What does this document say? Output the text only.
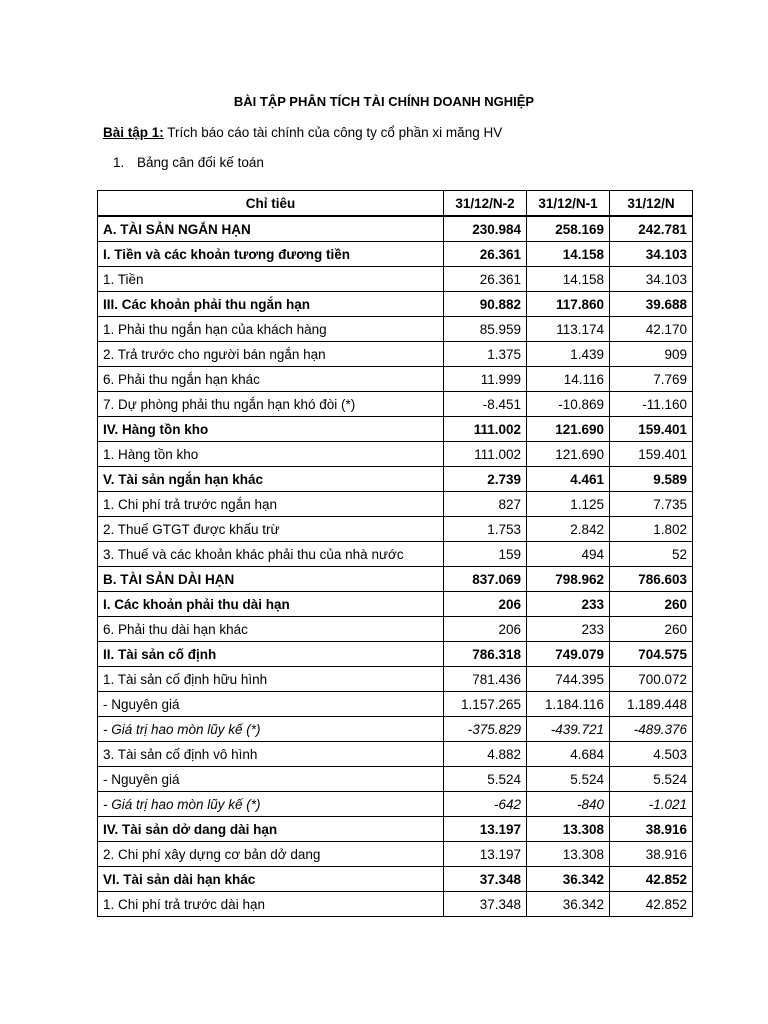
BÀI TẬP PHÂN TÍCH TÀI CHÍNH DOANH NGHIỆP
Bài tập 1: Trích báo cáo tài chính của công ty cổ phần xi măng HV
1. Bảng cân đối kế toán
Chỉ tiêu	31/12/N-2	31/12/N-1	31/12/N
A. TÀI SẢN NGẮN HẠN	230.984	258.169	242.781
I. Tiền và các khoản tương đương tiền	26.361	14.158	34.103
1. Tiền	26.361	14.158	34.103
III. Các khoản phải thu ngắn hạn	90.882	117.860	39.688
1. Phải thu ngắn hạn của khách hàng	85.959	113.174	42.170
2. Trả trước cho người bán ngắn hạn	1.375	1.439	909
6. Phải thu ngắn hạn khác	11.999	14.116	7.769
7. Dự phòng phải thu ngắn hạn khó đòi (*)	-8.451	-10.869	-11.160
IV. Hàng tồn kho	111.002	121.690	159.401
1. Hàng tồn kho	111.002	121.690	159.401
V. Tài sản ngắn hạn khác	2.739	4.461	9.589
1. Chi phí trả trước ngắn hạn	827	1.125	7.735
2. Thuế GTGT được khấu trừ	1.753	2.842	1.802
3. Thuế và các khoản khác phải thu của nhà nước	159	494	52
B. TÀI SẢN DÀI HẠN	837.069	798.962	786.603
I. Các khoản phải thu dài hạn	206	233	260
6. Phải thu dài hạn khác	206	233	260
II. Tài sản cố định	786.318	749.079	704.575
1. Tài sản cố định hữu hình	781.436	744.395	700.072
- Nguyên giá	1.157.265	1.184.116	1.189.448
- Giá trị hao mòn lũy kế (*)	-375.829	-439.721	-489.376
3. Tài sản cố định vô hình	4.882	4.684	4.503
- Nguyên giá	5.524	5.524	5.524
- Giá trị hao mòn lũy kế (*)	-642	-840	-1.021
IV. Tài sản dở dang dài hạn	13.197	13.308	38.916
2. Chi phí xây dựng cơ bản dở dang	13.197	13.308	38.916
VI. Tài sản dài hạn khác	37.348	36.342	42.852
1. Chi phí trả trước dài hạn	37.348	36.342	42.852
